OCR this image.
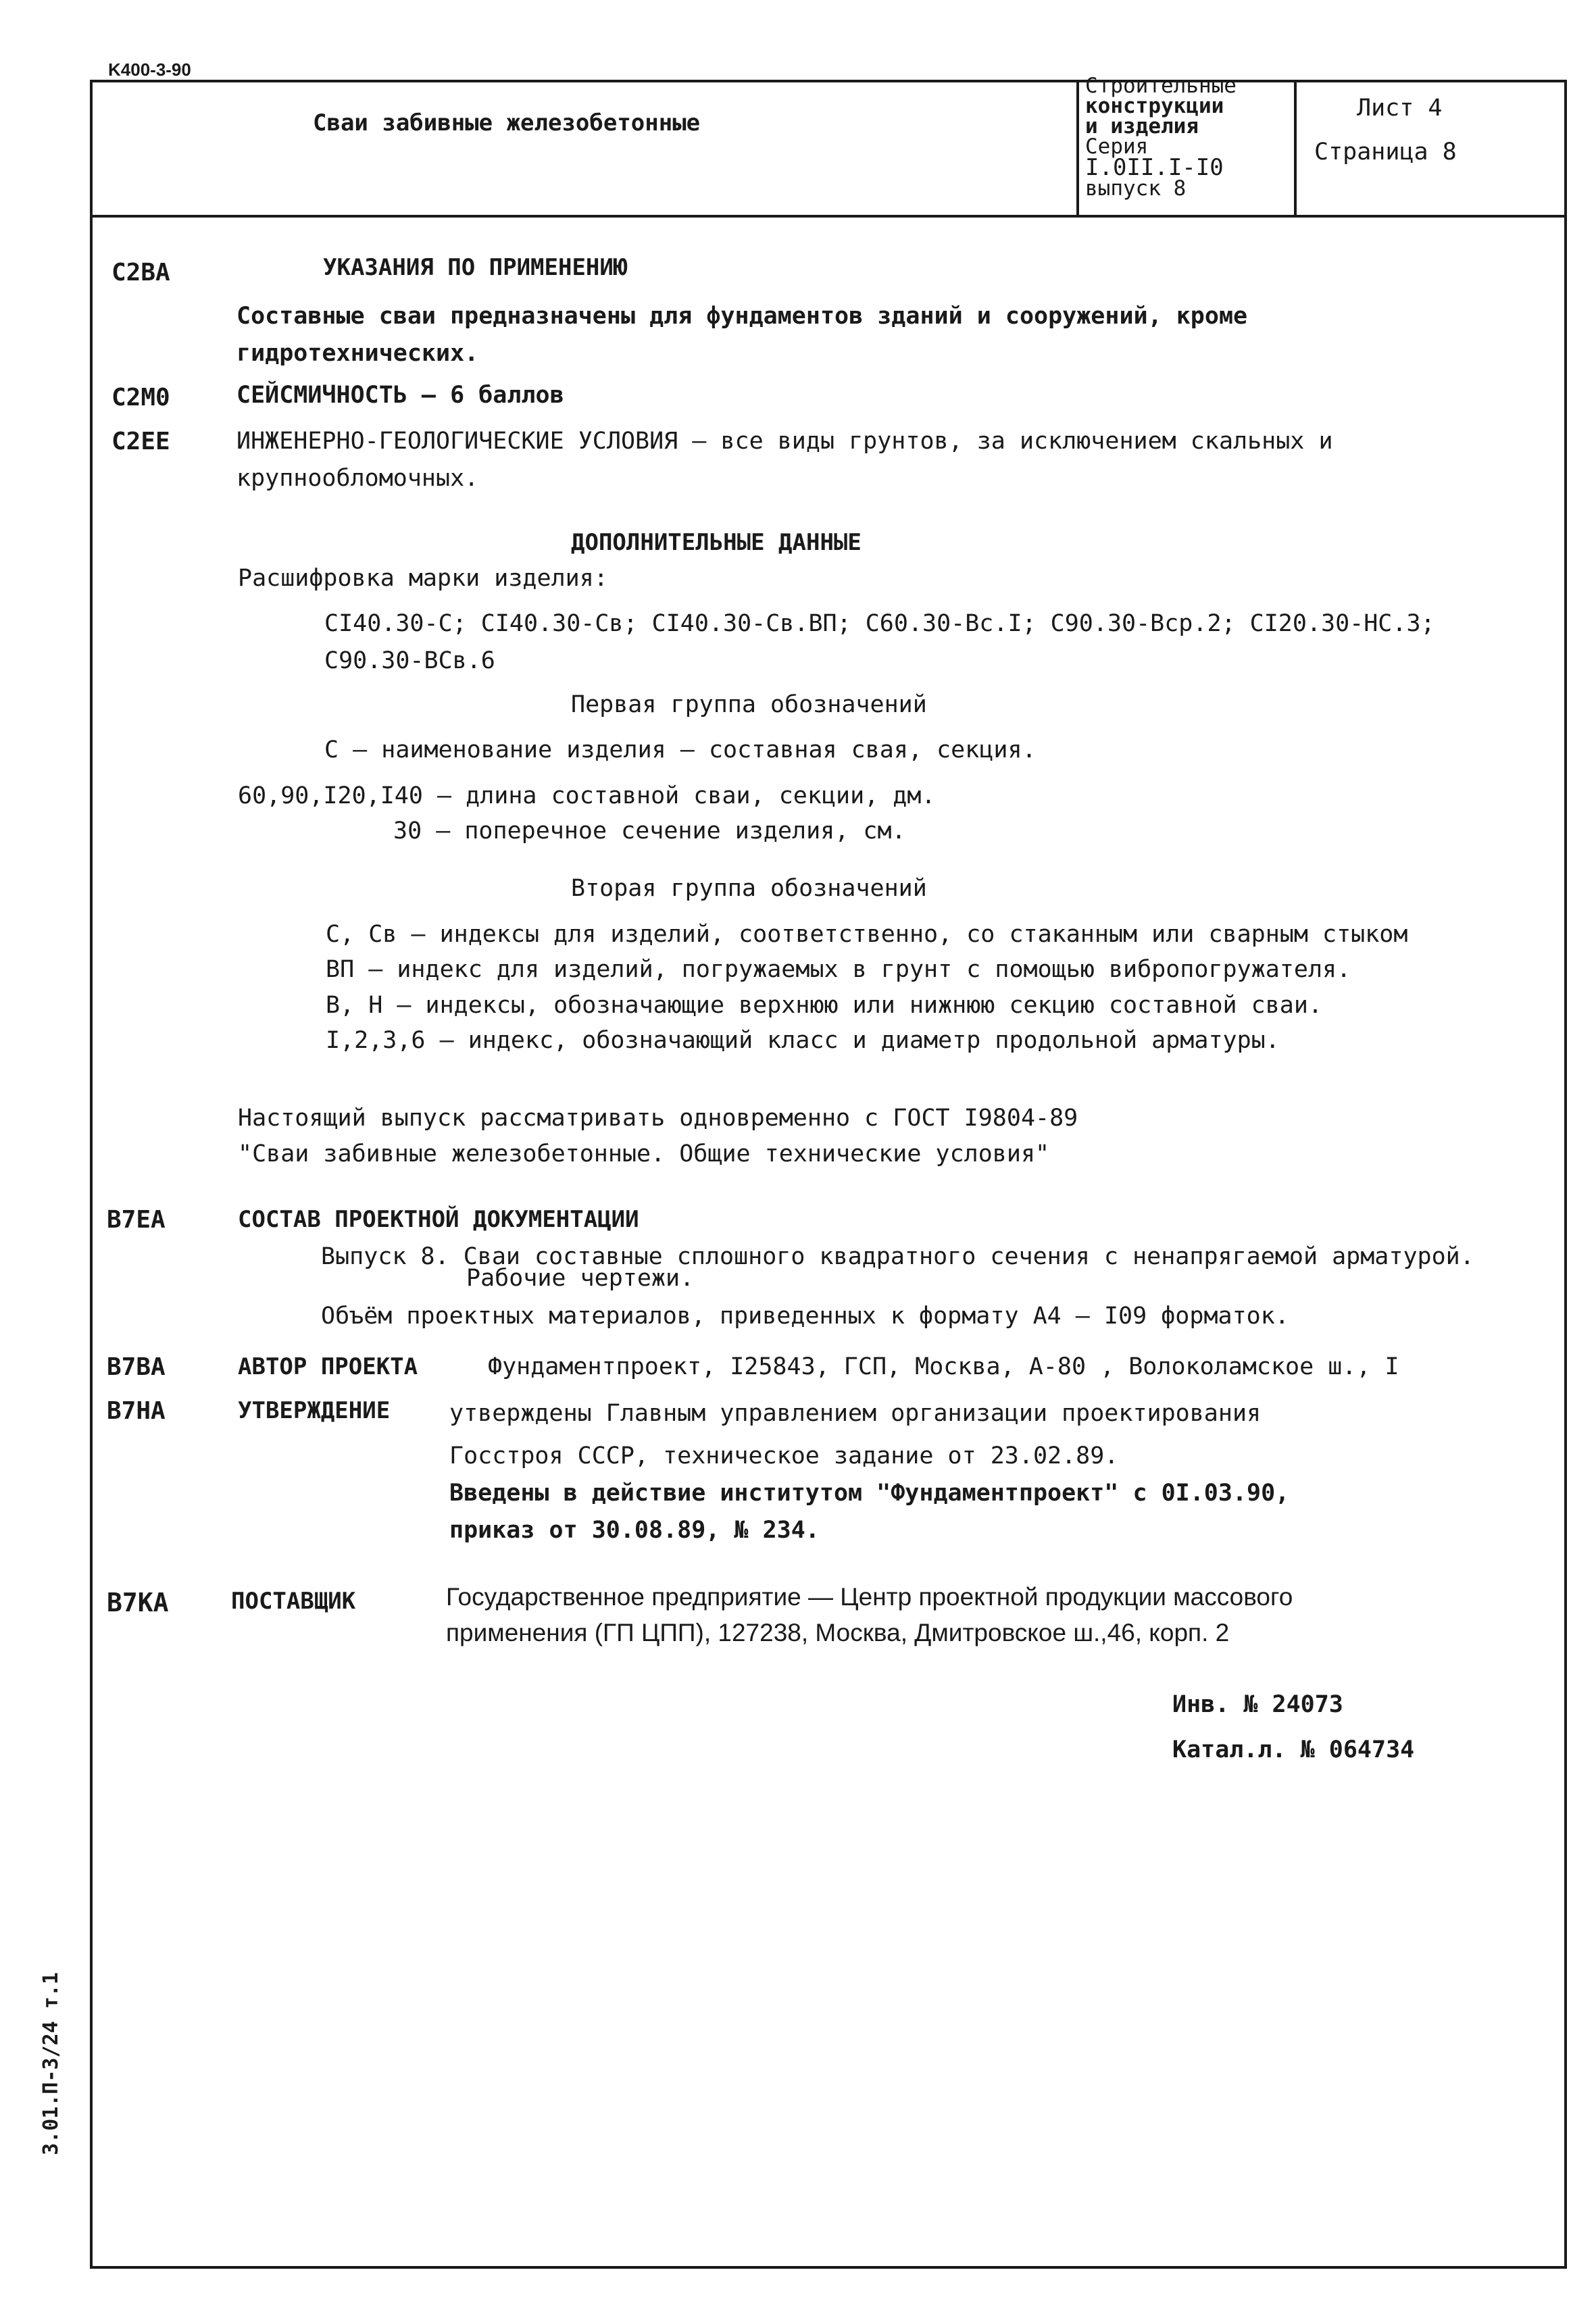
K400-3-90
Сваи забивные железобетонные
Строительные
конструкции
и изделия
Серия
I.0II.I-I0
выпуск 8
Лист 4
Страница 8
C2BA	УКАЗАНИЯ ПО ПРИМЕНЕНИЮ
Составные сваи предназначены для фундаментов зданий и сооружений, кроме
гидротехнических.
C2M0	СЕЙСМИЧНОСТЬ – 6 баллов
C2EE	ИНЖЕНЕРНО-ГЕОЛОГИЧЕСКИЕ УСЛОВИЯ – все виды грунтов, за исключением скальных и
крупнообломочных.
ДОПОЛНИТЕЛЬНЫЕ ДАННЫЕ
Расшифровка марки изделия:
СI40.30-С; СI40.30-Св; СI40.30-Св.ВП; С60.30-Вс.I; С90.30-Вср.2; СI20.30-НС.3;
С90.30-ВСв.6
Первая группа обозначений
С – наименование изделия – составная свая, секция.
60,90,I20,I40 – длина составной сваи, секции, дм.
30 – поперечное сечение изделия, см.
Вторая группа обозначений
С, Св – индексы для изделий, соответственно, со стаканным или сварным стыком
ВП – индекс для изделий, погружаемых в грунт с помощью вибропогружателя.
В, Н – индексы, обозначающие верхнюю или нижнюю секцию составной сваи.
I,2,3,6 – индекс, обозначающий класс и диаметр продольной арматуры.
Настоящий выпуск рассматривать одновременно с ГОСТ I9804-89
"Сваи забивные железобетонные. Общие технические условия"
B7EA	СОСТАВ ПРОЕКТНОЙ ДОКУМЕНТАЦИИ
Выпуск 8. Сваи составные сплошного квадратного сечения с ненапрягаемой арматурой.
Рабочие чертежи.
Объём проектных материалов, приведенных к формату А4 – I09 форматок.
B7BA	АВТОР ПРОЕКТА	Фундаментпроект, I25843, ГСП, Москва, А-80 , Волоколамское ш., I
B7HA	УТВЕРЖДЕНИЕ	утверждены Главным управлением организации проектирования
Госстроя СССР, техническое задание от 23.02.89.
Введены в действие институтом "Фундаментпроект" с 0I.03.90,
приказ от 30.08.89, № 234.
B7KA	ПОСТАВЩИК	Государственное предприятие — Центр проектной продукции массового
применения (ГП ЦПП), 127238, Москва, Дмитровское ш.,46, корп. 2
Инв. № 24073
Катал.л. № 064734
3.01.П-3/24 т.1
